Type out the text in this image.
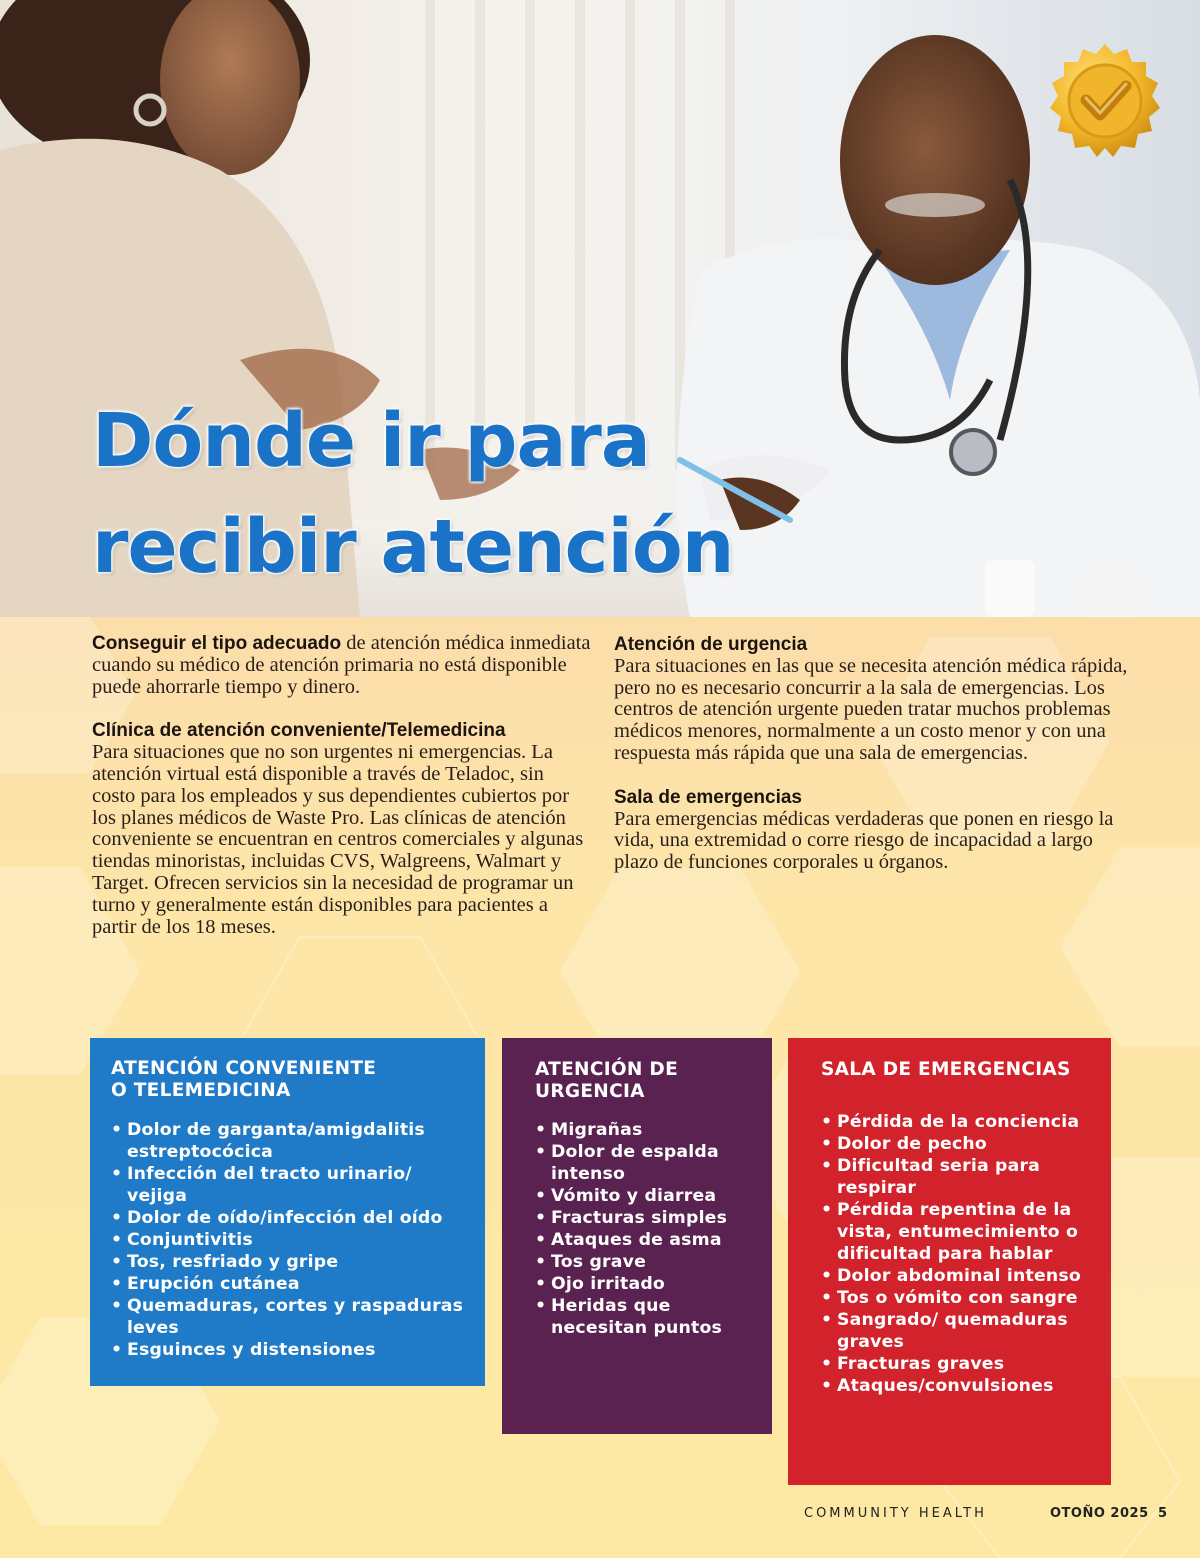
Dónde ir para
recibir atención

Conseguir el tipo adecuado de atención médica inmediata cuando su médico de atención primaria no está disponible puede ahorrarle tiempo y dinero.

Clínica de atención conveniente/Telemedicina
Para situaciones que no son urgentes ni emergencias. La atención virtual está disponible a través de Teladoc, sin costo para los empleados y sus dependientes cubiertos por los planes médicos de Waste Pro. Las clínicas de atención conveniente se encuentran en centros comerciales y algunas tiendas minoristas, incluidas CVS, Walgreens, Walmart y Target. Ofrecen servicios sin la necesidad de programar un turno y generalmente están disponibles para pacientes a partir de los 18 meses.

Atención de urgencia
Para situaciones en las que se necesita atención médica rápida, pero no es necesario concurrir a la sala de emergencias. Los centros de atención urgente pueden tratar muchos problemas médicos menores, normalmente a un costo menor y con una respuesta más rápida que una sala de emergencias.

Sala de emergencias
Para emergencias médicas verdaderas que ponen en riesgo la vida, una extremidad o corre riesgo de incapacidad a largo plazo de funciones corporales u órganos.

ATENCIÓN CONVENIENTE
O TELEMEDICINA
• Dolor de garganta/amigdalitis estreptocócica
• Infección del tracto urinario/ vejiga
• Dolor de oído/infección del oído
• Conjuntivitis
• Tos, resfriado y gripe
• Erupción cutánea
• Quemaduras, cortes y raspaduras leves
• Esguinces y distensiones
ATENCIÓN DE
URGENCIA
• Migrañas
• Dolor de espalda intenso
• Vómito y diarrea
• Fracturas simples
• Ataques de asma
• Tos grave
• Ojo irritado
• Heridas que necesitan puntos
SALA DE EMERGENCIAS
• Pérdida de la conciencia
• Dolor de pecho
• Dificultad seria para respirar
• Pérdida repentina de la vista, entumecimiento o dificultad para hablar
• Dolor abdominal intenso
• Tos o vómito con sangre
• Sangrado/ quemaduras graves
• Fracturas graves
• Ataques/convulsiones
COMMUNITY HEALTH	OTOÑO 2025 5
